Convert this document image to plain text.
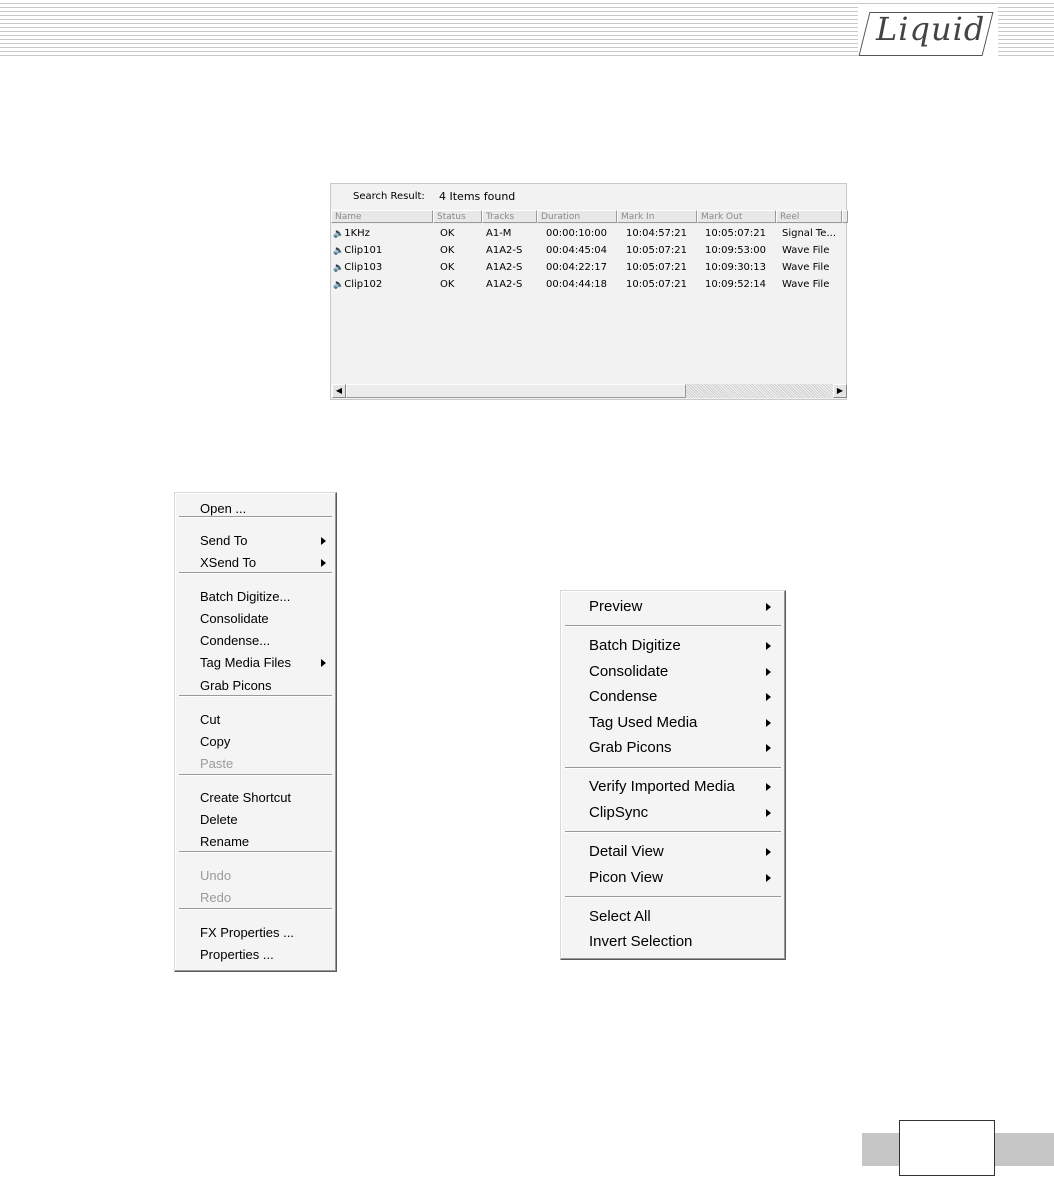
Liquid
Search Result: 4 Items found
Name	Status	Tracks	Duration	Mark In	Mark Out	Reel
🔈1KHz	OK	A1-M	00:00:10:00 10:04:57:21 10:05:07:21 Signal Te...
🔈Clip101	OK	A1A2-S 00:04:45:04 10:05:07:21 10:09:53:00 Wave File
🔈Clip103	OK	A1A2-S 00:04:22:17 10:05:07:21 10:09:30:13 Wave File
🔈Clip102	OK	A1A2-S 00:04:44:18 10:05:07:21 10:09:52:14 Wave File
◀	▶
Open ...
Send To
XSend To
Batch Digitize...
Consolidate
Condense...
Tag Media Files
Grab Picons
Cut
Copy
Paste
Create Shortcut
Delete
Rename
Undo
Redo
FX Properties ...
Properties ...
Preview
Batch Digitize
Consolidate
Condense
Tag Used Media
Grab Picons
Verify Imported Media
ClipSync
Detail View
Picon View
Select All
Invert Selection
